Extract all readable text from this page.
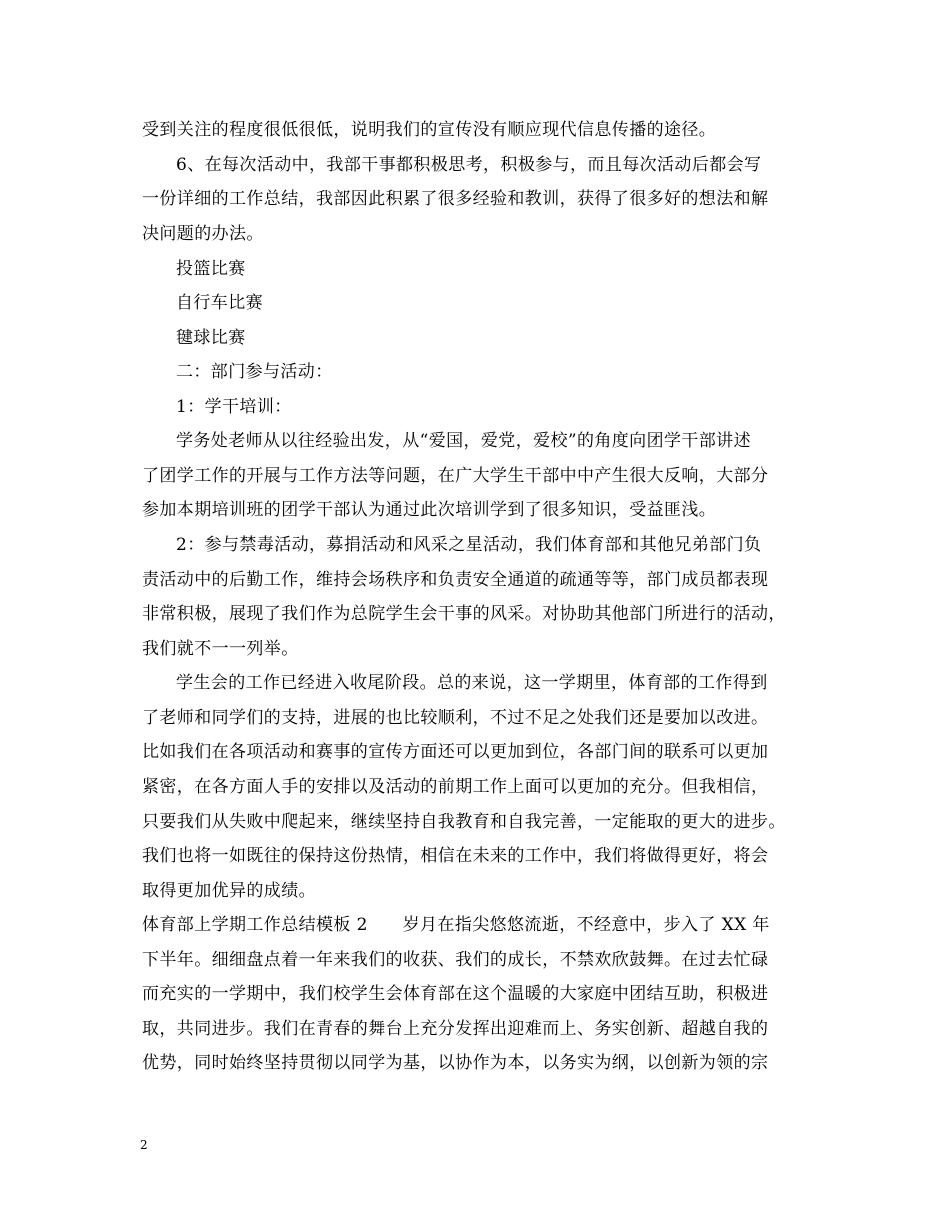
受到关注的程度很低很低，说明我们的宣传没有顺应现代信息传播的途径。
6、在每次活动中，我部干事都积极思考，积极参与，而且每次活动后都会写
一份详细的工作总结，我部因此积累了很多经验和教训，获得了很多好的想法和解
决问题的办法。
投篮比赛
自行车比赛
毽球比赛
二：部门参与活动：
1：学干培训：
学务处老师从以往经验出发，从“爱国，爱党，爱校”的角度向团学干部讲述
了团学工作的开展与工作方法等问题，在广大学生干部中中产生很大反响，大部分
参加本期培训班的团学干部认为通过此次培训学到了很多知识，受益匪浅。
2：参与禁毒活动，募捐活动和风采之星活动，我们体育部和其他兄弟部门负
责活动中的后勤工作，维持会场秩序和负责安全通道的疏通等等，部门成员都表现
非常积极，展现了我们作为总院学生会干事的风采。对协助其他部门所进行的活动，
我们就不一一列举。
学生会的工作已经进入收尾阶段。总的来说，这一学期里，体育部的工作得到
了老师和同学们的支持，进展的也比较顺利，不过不足之处我们还是要加以改进。
比如我们在各项活动和赛事的宣传方面还可以更加到位，各部门间的联系可以更加
紧密，在各方面人手的安排以及活动的前期工作上面可以更加的充分。但我相信，
只要我们从失败中爬起来，继续坚持自我教育和自我完善，一定能取的更大的进步。
我们也将一如既往的保持这份热情，相信在未来的工作中，我们将做得更好，将会
取得更加优异的成绩。
体育部上学期工作总结模板 2　　岁月在指尖悠悠流逝，不经意中，步入了 XX 年
下半年。细细盘点着一年来我们的收获、我们的成长，不禁欢欣鼓舞。在过去忙碌
而充实的一学期中，我们校学生会体育部在这个温暖的大家庭中团结互助，积极进
取，共同进步。我们在青春的舞台上充分发挥出迎难而上、务实创新、超越自我的
优势，同时始终坚持贯彻以同学为基，以协作为本，以务实为纲，以创新为领的宗
2
